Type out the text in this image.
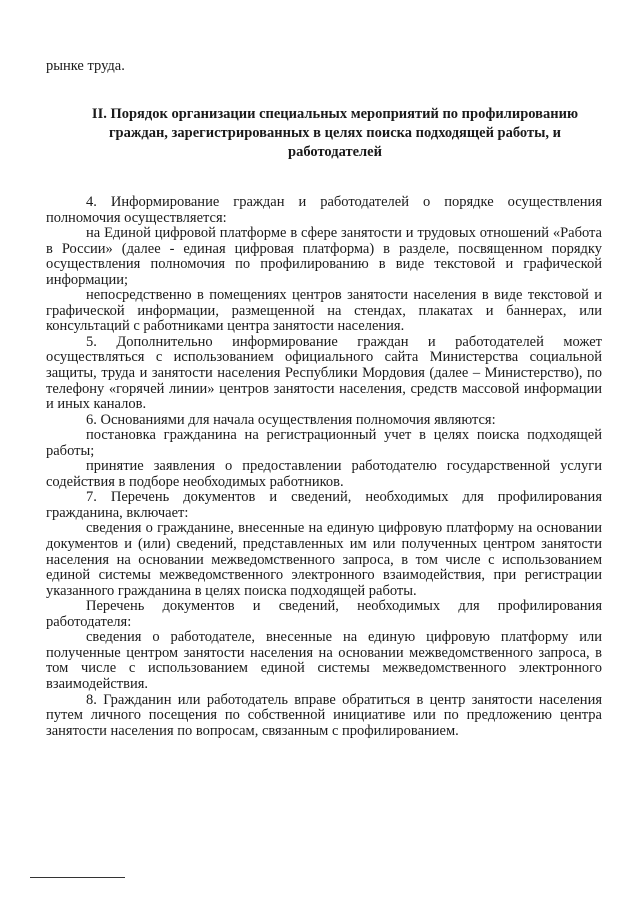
рынке труда.
II. Порядок организации специальных мероприятий по профилированию граждан, зарегистрированных в целях поиска подходящей работы, и работодателей

4. Информирование граждан и работодателей о порядке осуществления полномочия осуществляется:

на Единой цифровой платформе в сфере занятости и трудовых отношений «Работа в России» (далее - единая цифровая платформа) в разделе, посвященном порядку осуществления полномочия по профилированию в виде текстовой и графической информации;

непосредственно в помещениях центров занятости населения в виде текстовой и графической информации, размещенной на стендах, плакатах и баннерах, или консультаций с работниками центра занятости населения.

5. Дополнительно информирование граждан и работодателей может осуществляться с использованием официального сайта Министерства социальной защиты, труда и занятости населения Республики Мордовия (далее – Министерство), по телефону «горячей линии» центров занятости населения, средств массовой информации и иных каналов.

6. Основаниями для начала осуществления полномочия являются:

постановка гражданина на регистрационный учет в целях поиска подходящей работы;

принятие заявления о предоставлении работодателю государственной услуги содействия в подборе необходимых работников.

7. Перечень документов и сведений, необходимых для профилирования гражданина, включает:

сведения о гражданине, внесенные на единую цифровую платформу на основании документов и (или) сведений, представленных им или полученных центром занятости населения на основании межведомственного запроса, в том числе с использованием единой системы межведомственного электронного взаимодействия, при регистрации указанного гражданина в целях поиска подходящей работы.

Перечень документов и сведений, необходимых для профилирования работодателя:

сведения о работодателе, внесенные на единую цифровую платформу или полученные центром занятости населения на основании межведомственного запроса, в том числе с использованием единой системы межведомственного электронного взаимодействия.

8. Гражданин или работодатель вправе обратиться в центр занятости населения путем личного посещения по собственной инициативе или по предложению центра занятости населения по вопросам, связанным с профилированием.
